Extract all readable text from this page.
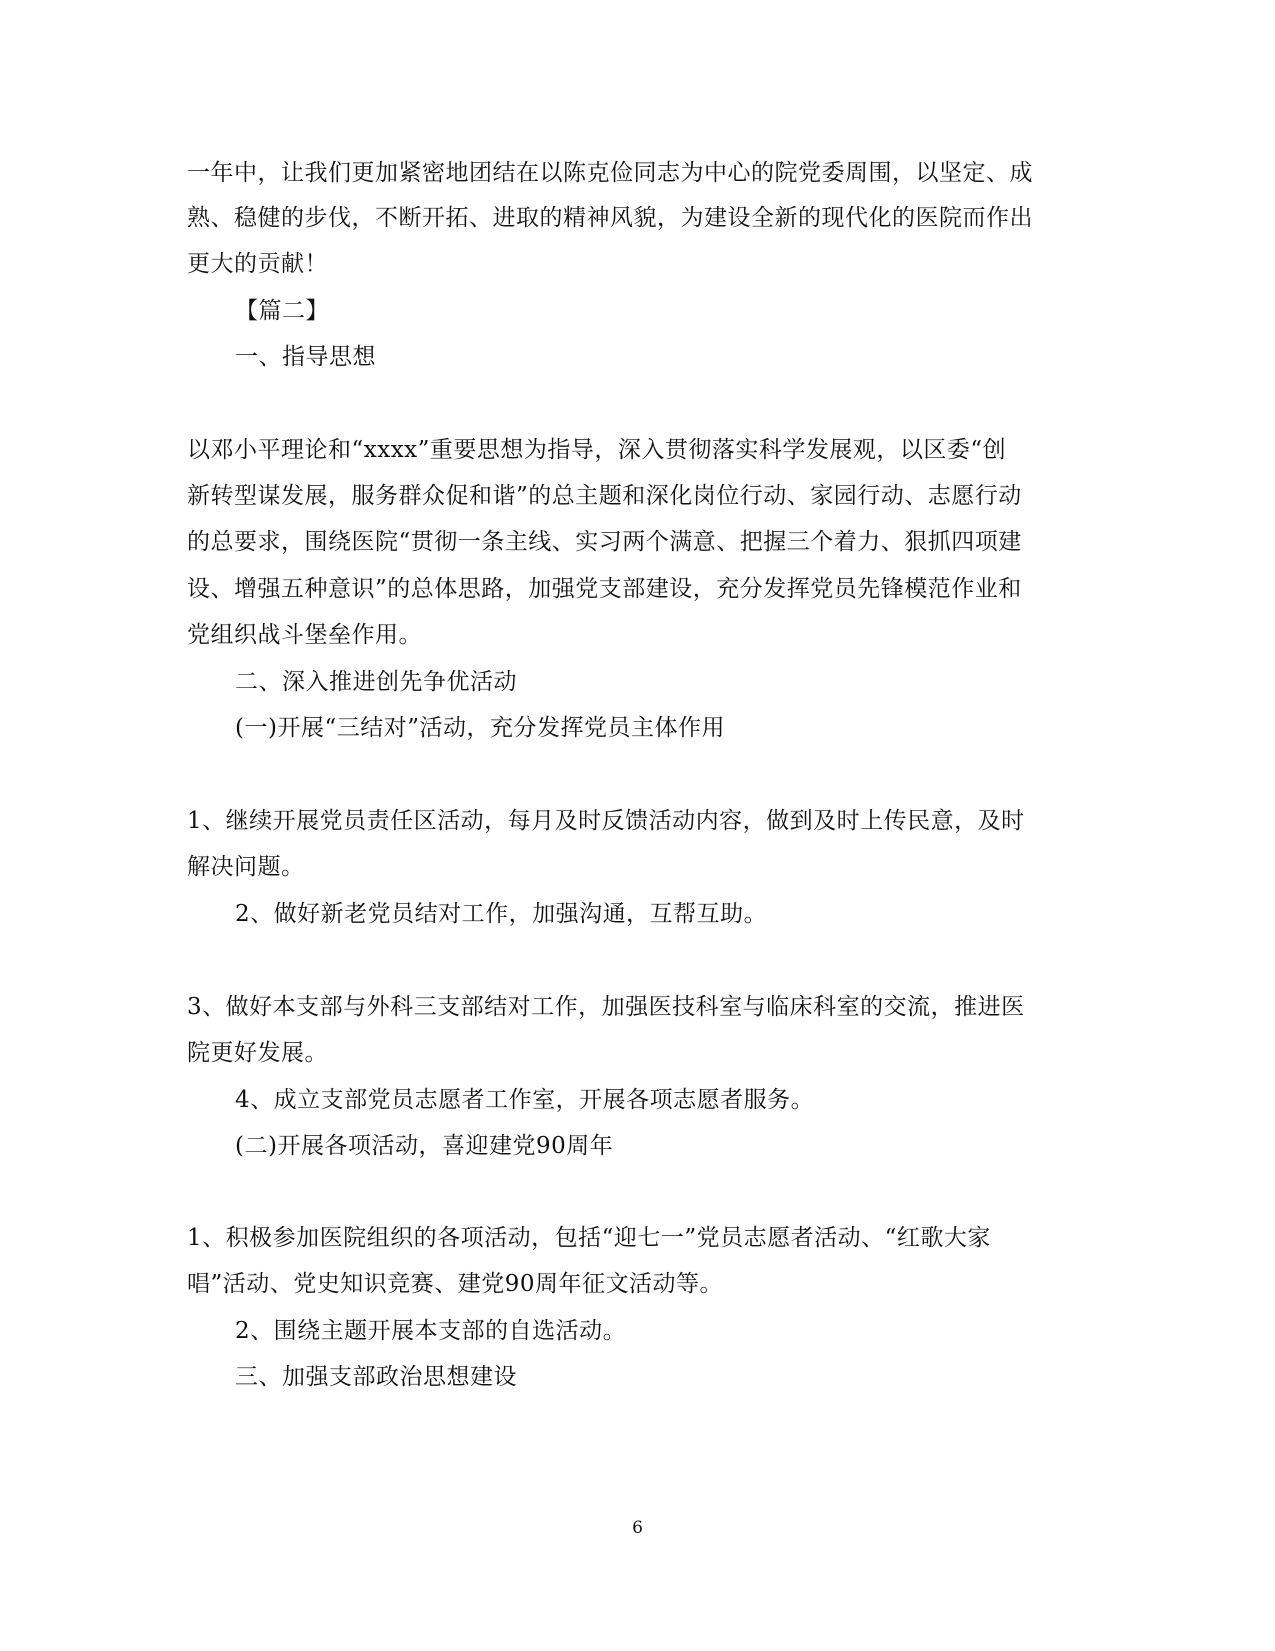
一年中，让我们更加紧密地团结在以陈克俭同志为中心的院党委周围，以坚定、成
熟、稳健的步伐，不断开拓、进取的精神风貌，为建设全新的现代化的医院而作出
更大的贡献！
【篇二】
一、指导思想
以邓小平理论和“xxxx”重要思想为指导，深入贯彻落实科学发展观，以区委“创
新转型谋发展，服务群众促和谐”的总主题和深化岗位行动、家园行动、志愿行动
的总要求，围绕医院“贯彻一条主线、实习两个满意、把握三个着力、狠抓四项建
设、增强五种意识”的总体思路，加强党支部建设，充分发挥党员先锋模范作业和
党组织战斗堡垒作用。
二、深入推进创先争优活动
(一)开展“三结对”活动，充分发挥党员主体作用
1、继续开展党员责任区活动，每月及时反馈活动内容，做到及时上传民意，及时
解决问题。
2、做好新老党员结对工作，加强沟通，互帮互助。
3、做好本支部与外科三支部结对工作，加强医技科室与临床科室的交流，推进医
院更好发展。
4、成立支部党员志愿者工作室，开展各项志愿者服务。
(二)开展各项活动，喜迎建党90周年
1、积极参加医院组织的各项活动，包括“迎七一”党员志愿者活动、“红歌大家
唱”活动、党史知识竞赛、建党90周年征文活动等。
2、围绕主题开展本支部的自选活动。
三、加强支部政治思想建设
6
